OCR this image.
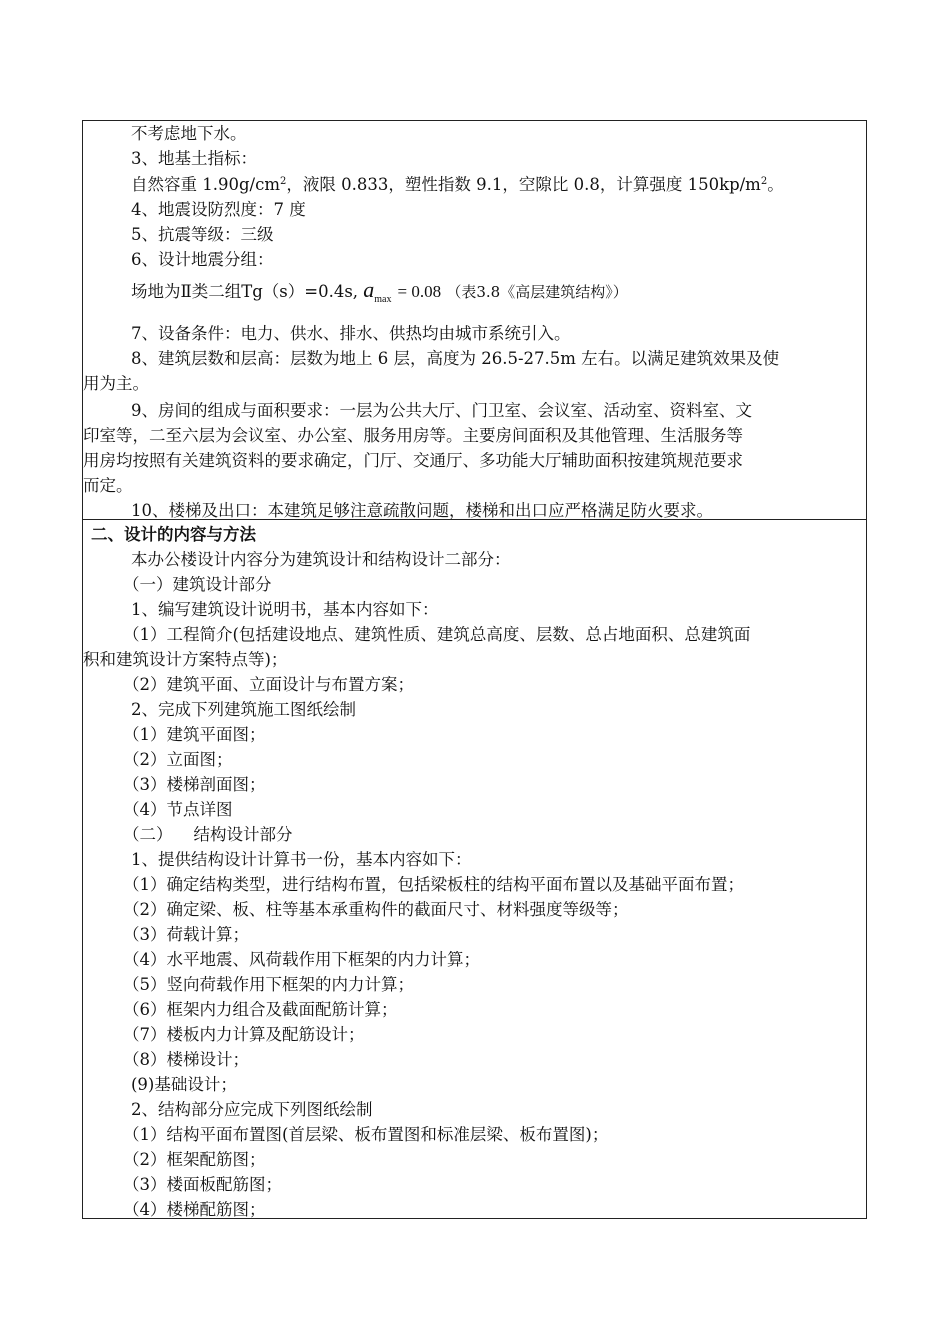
不考虑地下水。
3、地基土指标：
自然容重 $1.90g/cm^2$，液限 0.833，塑性指数 9.1，空隙比 0.8，计算强度 $150kp/m^2$。
4、地震设防烈度：7 度
5、抗震等级：三级
6、设计地震分组：
场地为Ⅱ类二组Tg（s）=0.4s, $a_{max} = 0.08$ （表3.8《高层建筑结构》）
7、设备条件：电力、供水、排水、供热均由城市系统引入。
8、建筑层数和层高：层数为地上 6 层，高度为 26.5-27.5m 左右。以满足建筑效果及使
用为主。
9、房间的组成与面积要求：一层为公共大厅、门卫室、会议室、活动室、资料室、文
印室等，二至六层为会议室、办公室、服务用房等。主要房间面积及其他管理、生活服务等
用房均按照有关建筑资料的要求确定，门厅、交通厅、多功能大厅辅助面积按建筑规范要求
而定。
10、楼梯及出口：本建筑足够注意疏散问题，楼梯和出口应严格满足防火要求。
二、设计的内容与方法
本办公楼设计内容分为建筑设计和结构设计二部分：
（一）建筑设计部分
1、编写建筑设计说明书，基本内容如下：
（1）工程简介(包括建设地点、建筑性质、建筑总高度、层数、总占地面积、总建筑面
积和建筑设计方案特点等)；
（2）建筑平面、立面设计与布置方案；
2、完成下列建筑施工图纸绘制
（1）建筑平面图；
（2）立面图；
（3）楼梯剖面图；
（4）节点详图
（二）    结构设计部分
1、提供结构设计计算书一份，基本内容如下：
（1）确定结构类型，进行结构布置，包括梁板柱的结构平面布置以及基础平面布置；
（2）确定梁、板、柱等基本承重构件的截面尺寸、材料强度等级等；
（3）荷载计算；
（4）水平地震、风荷载作用下框架的内力计算；
（5）竖向荷载作用下框架的内力计算；
（6）框架内力组合及截面配筋计算；
（7）楼板内力计算及配筋设计；
（8）楼梯设计；
(9)基础设计；
2、结构部分应完成下列图纸绘制
（1）结构平面布置图(首层梁、板布置图和标准层梁、板布置图)；
（2）框架配筋图；
（3）楼面板配筋图；
（4）楼梯配筋图；
